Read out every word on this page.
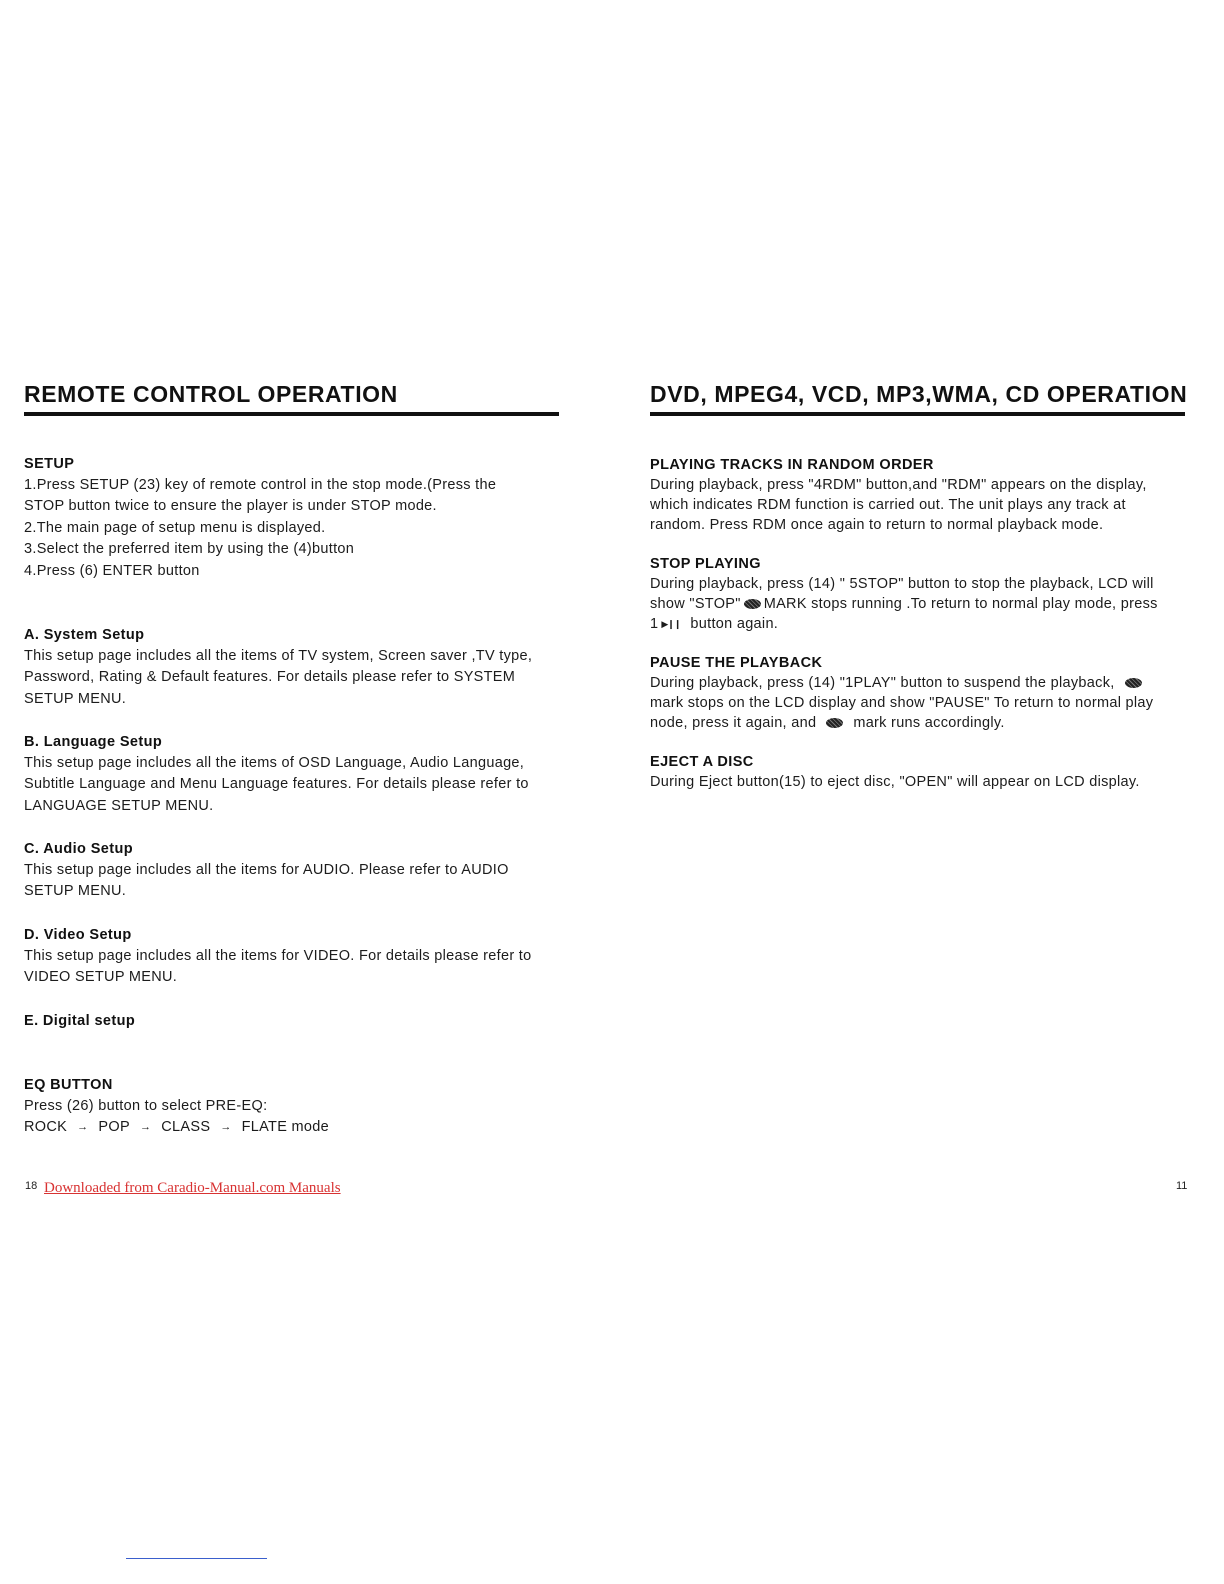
REMOTE CONTROL OPERATION
SETUP
1.Press SETUP (23) key of remote control in the stop mode.(Press the
STOP button twice to ensure the player is under STOP mode.
2.The main page of setup menu is displayed.
3.Select the preferred item by using the (4)button
4.Press (6) ENTER button
A. System Setup
This setup page includes all the items of TV system, Screen saver ,TV type,
Password, Rating & Default features. For details please refer to SYSTEM
SETUP MENU.
B. Language Setup
This setup page includes all the items of OSD Language, Audio Language,
Subtitle Language and Menu Language features. For details please refer to
LANGUAGE SETUP MENU.
C. Audio Setup
This setup page includes all the items for AUDIO. Please refer to AUDIO
SETUP MENU.
D. Video Setup
This setup page includes all the items for VIDEO. For details please refer to
VIDEO SETUP MENU.
E. Digital setup
EQ BUTTON
Press (26) button to select PRE-EQ:
ROCK → POP → CLASS → FLATE mode
DVD, MPEG4, VCD, MP3,WMA, CD OPERATION
PLAYING TRACKS IN RANDOM ORDER
During playback, press "4RDM" button,and "RDM" appears on the display,
which indicates RDM function is carried out. The unit plays any track at
random. Press RDM once again to return to normal playback mode.
STOP PLAYING
During playback, press (14) " 5STOP" button to stop the playback, LCD will
show "STOP" MARK stops running .To return to normal play mode, press
1 ▶❙❙ button again.
PAUSE THE PLAYBACK
During playback, press (14) "1PLAY" button to suspend the playback,
mark stops on the LCD display and show "PAUSE" To return to normal play
node, press it again, and	mark runs accordingly.
EJECT A DISC
During Eject button(15) to eject disc, "OPEN" will appear on LCD display.
18 Downloaded from Caradio-Manual.com Manuals	11
